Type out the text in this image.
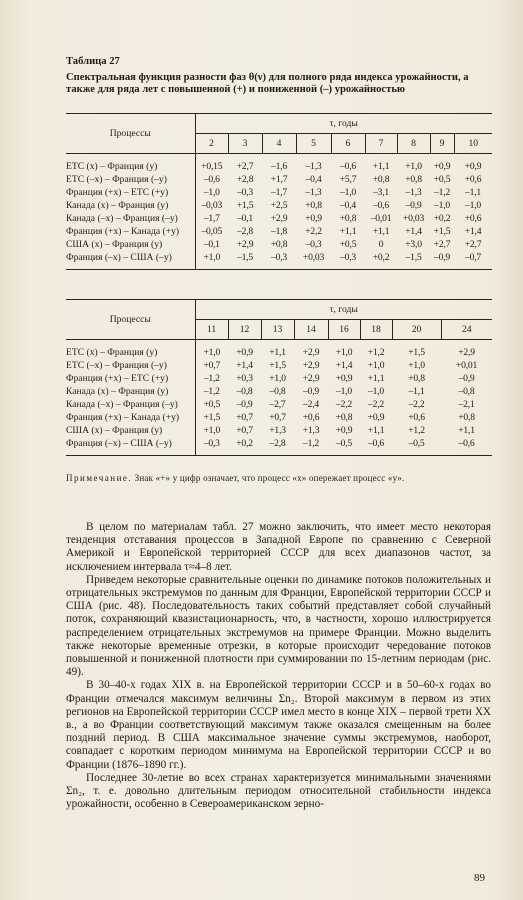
Таблица 27
Спектральная функция разности фаз θ(ν) для полного ряда индекса урожайности, а также для ряда лет с повышенной (+) и пониженной (–) урожайностью
Процессы	τ, годы								
	2	3	4	5	6	7	8	9	10

ЕТС (x) – Франция (y)	+0,15	+2,7	–1,6	–1,3	–0,6	+1,1	+1,0	+0,9	+0,9
ЕТС (–x) – Франция (–y)	–0,6	+2,8	+1,7	–0,4	+5,7	+0,8	+0,8	+0,5	+0,6
Франция (+x) – ЕТС (+y)	–1,0	–0,3	–1,7	–1,3	–1,0	–3,1	–1,3	–1,2	–1,1
Канада (x) – Франция (y)	–0,03	+1,5	+2,5	+0,8	–0,4	–0,6	–0,9	–1,0	–1,0
Канада (–x) – Франция (–y)	–1,7	–0,1	+2,9	+0,9	+0,8	–0,01	+0,03	+0,2	+0,6
Франция (+x) – Канада (+y)	–0,05	–2,8	–1,8	+2,2	+1,1	+1,1	+1,4	+1,5	+1,4
США (x) – Франция (y)	–0,1	+2,9	+0,8	–0,3	+0,5	0	+3,0	+2,7	+2,7
Франция (–x) – США (–y)	+1,0	–1,5	–0,3	+0,03	–0,3	+0,2	–1,5	–0,9	–0,7

Процессы	τ, годы							
	11	12	13	14	16	18	20	24

ЕТС (x) – Франция (y)	+1,0	+0,9	+1,1	+2,9	+1,0	+1,2	+1,5	+2,9
ЕТС (–x) – Франция (–y)	+0,7	+1,4	+1,5	+2,9	+1,4	+1,0	+1,0	+0,01
Франция (+x) – ЕТС (+y)	–1,2	+0,3	+1,0	+2,9	+0,9	+1,1	+0,8	–0,9
Канада (x) – Франция (y)	–1,2	–0,8	–0,8	–0,9	–1,0	–1,0	–1,1	–0,8
Канада (–x) – Франция (–y)	+0,5	–0,9	–2,7	–2,4	–2,2	–2,2	–2,2	–2,1
Франция (+x) – Канада (+y)	+1,5	+0,7	+0,7	+0,6	+0,8	+0,9	+0,6	+0,8
США (x) – Франция (y)	+1,0	+0,7	+1,3	+1,3	+0,9	+1,1	+1,2	+1,1
Франция (–x) – США (–y)	–0,3	+0,2	–2,8	–1,2	–0,5	–0,6	–0,5	–0,6

Примечание. Знак «+» у цифр означает, что процесс «x» опережает процесс «y».

В целом по материалам табл. 27 можно заключить, что имеет место некоторая тенденция отставания процессов в Западной Европе по сравнению с Северной Америкой и Европейской территорией СССР для всех диапазонов частот, за исключением интервала τ≈4–8 лет.

Приведем некоторые сравнительные оценки по динамике потоков положительных и отрицательных экстремумов по данным для Франции, Европейской территории СССР и США (рис. 48). Последовательность таких событий представляет собой случайный поток, сохраняющий квазистационарность, что, в частности, хорошо иллюстрируется распределением отрицательных экстремумов на примере Франции. Можно выделить также некоторые временные отрезки, в которые происходит чередование потоков повышенной и пониженной плотности при суммировании по 15-летним периодам (рис. 49).

В 30–40-х годах XIX в. на Европейской территории СССР и в 50–60-х годах во Франции отмечался максимум величины Σn₂. Второй максимум в первом из этих регионов на Европейской территории СССР имел место в конце XIX – первой трети XX в., а во Франции соответствующий максимум также оказался смещенным на более поздний период. В США максимальное значение суммы экстремумов, наоборот, совпадает с коротким периодом минимума на Европейской территории СССР и во Франции (1876–1890 гг.).

Последнее 30-летие во всех странах характеризуется минимальными значениями Σn₂, т. е. довольно длительным периодом относительной стабильности индекса урожайности, особенно в Североамериканском зерно-

89
